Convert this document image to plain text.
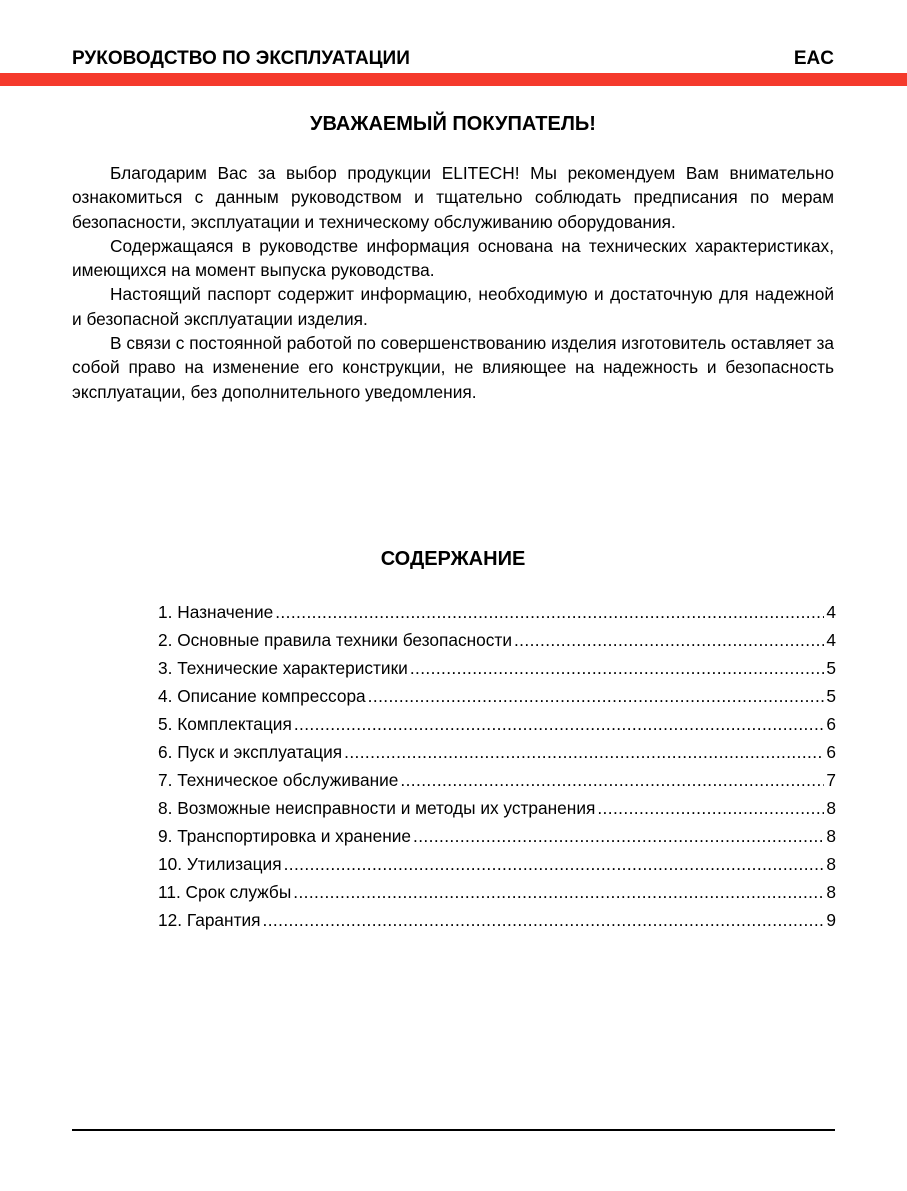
РУКОВОДСТВО ПО ЭКСПЛУАТАЦИИ	EAC
УВАЖАЕМЫЙ ПОКУПАТЕЛЬ!

Благодарим Вас за выбор продукции ELITECH! Мы рекомендуем Вам внимательно ознакомиться с данным руководством и тщательно соблюдать предписания по мерам безопасности, эксплуатации и техническому обслуживанию оборудования.

Содержащаяся в руководстве информация основана на технических характеристиках, имеющихся на момент выпуска руководства.

Настоящий паспорт содержит информацию, необходимую и достаточную для надежной и безопасной эксплуатации изделия.

В связи с постоянной работой по совершенствованию изделия изготовитель оставляет за собой право на изменение его конструкции, не влияющее на надежность и безопасность эксплуатации, без дополнительного уведомления.

СОДЕРЖАНИЕ
1. Назначение .....	4
2. Основные правила техники безопасности .....	4
3. Технические характеристики .....	5
4. Описание компрессора .....	5
5. Комплектация .....	6
6. Пуск и эксплуатация .....	6
7. Техническое обслуживание .....	7
8. Возможные неисправности и методы их устранения .....	8
9. Транспортировка и хранение .....	8
10. Утилизация .....	8
11. Срок службы .....	8
12. Гарантия .....	9
